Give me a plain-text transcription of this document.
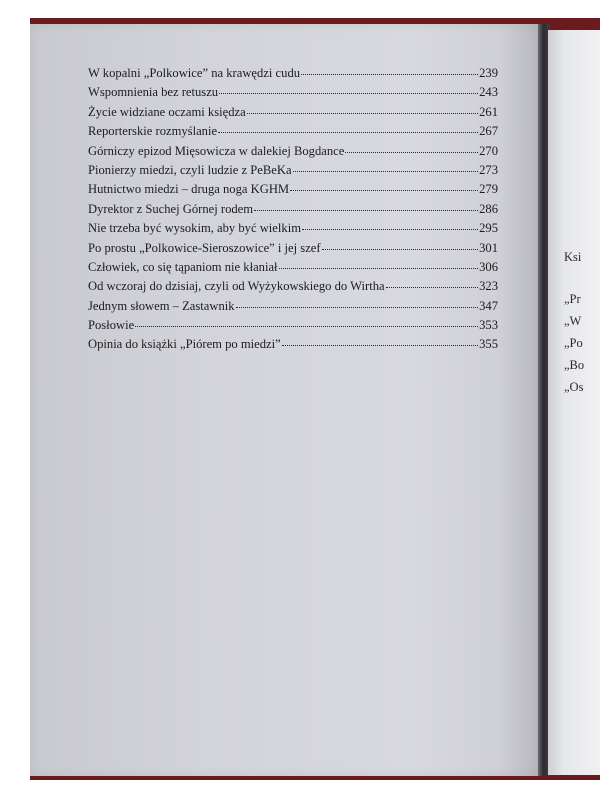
Ksi
„Pr
„W
„Po
„Bo
„Os
W kopalni „Polkowice” na krawędzi cudu	239
Wspomnienia bez retuszu	243
Życie widziane oczami księdza	261
Reporterskie rozmyślanie	267
Górniczy epizod Mięsowicza w dalekiej Bogdance	270
Pionierzy miedzi, czyli ludzie z PeBeKa	273
Hutnictwo miedzi – druga noga KGHM	279
Dyrektor z Suchej Górnej rodem	286
Nie trzeba być wysokim, aby być wielkim	295
Po prostu „Polkowice-Sieroszowice” i jej szef	301
Człowiek, co się tąpaniom nie kłaniał	306
Od wczoraj do dzisiaj, czyli od Wyżykowskiego do Wirtha	323
Jednym słowem – Zastawnik	347
Posłowie	353
Opinia do książki „Piórem po miedzi”	355
